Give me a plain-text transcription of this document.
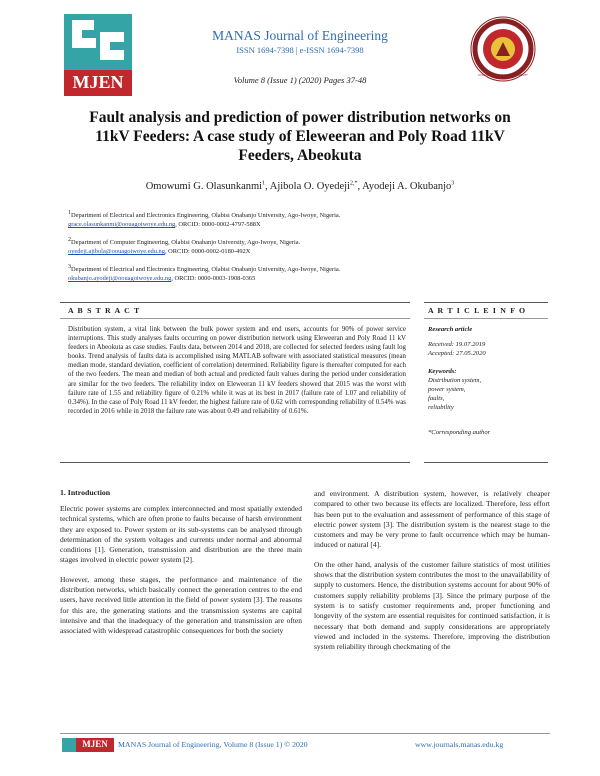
MJEN
MANAS Journal of Engineering
ISSN 1694-7398 | e-ISSN 1694-7398
KYRGYZ–TURKISH MANAS UNIVERSITY
Volume 8 (Issue 1) (2020) Pages 37-48
Fault analysis and prediction of power distribution networks on
11kV Feeders: A case study of Eleweeran and Poly Road 11kV
Feeders, Abeokuta
Omowumi G. Olasunkanmi$^1$, Ajibola O. Oyedeji$^{2,*}$, Ayodeji A. Okubanjo$^3$
$^1$Department of Electrical and Electronics Engineering, Olabisi Onabanjo University, Ago-Iwoye, Nigeria.
grace.olasunkanmi@oouagoiwoye.edu.ng, ORCID: 0000-0002-4797-588X
$^2$Department of Computer Engineering, Olabisi Onabanjo University, Ago-Iwoye, Nigeria.
oyedeji.ajibola@oouagoiwoye.edu.ng, ORCID: 0000-0002-0180-492X
$^3$Department of Electrical and Electronics Engineering, Olabisi Onabanjo University, Ago-Iwoye, Nigeria.
okubanjo.ayodeji@oouagoiwoye.edu.ng, ORCID: 0000-0003-1908-0365
A B S T R A C T
Distribution system, a vital link between the bulk power system and end users, accounts for 90% of power service interruptions. This study analyses faults occurring on power distribution network using Eleweeran and Poly Road 11 kV feeders in Abeokuta as case studies. Faults data, between 2014 and 2018, are collected for selected feeders using fault log books. Trend analysis of faults data is accomplished using MATLAB software with associated statistical measures (mean median mode, standard deviation, coefficient of correlation) determined. Reliability figure is thereafter computed for each of the two feeders. The mean and median of both actual and predicted fault values during the period under consideration are similar for the two feeders. The reliability index on Eleweeran 11 kV feeders showed that 2015 was the worst with failure rate of 1.55 and reliability figure of 0.21% while it was at its best in 2017 (failure rate of 1.07 and reliability of 0.34%). In the case of Poly Road 11 kV feeder, the highest failure rate of 0.62 with corresponding reliability of 0.54% was recorded in 2016 while in 2018 the failure rate was about 0.49 and reliability of 0.61%.
A R T I C L E I N F O
Research article
Received: 19.07.2019
Accepted: 27.05.2020
Keywords:
Distribution system,
power system,
faults,
reliability
*Corresponding author
1. Introduction

Electric power systems are complex interconnected and most spatially extended technical systems, which are often prone to faults because of harsh environment they are exposed to. Power system or its sub-systems can be analysed through determination of the system voltages and currents under normal and abnormal conditions [1]. Generation, transmission and distribution are the three main stages involved in electric power system [2].

However, among these stages, the performance and maintenance of the distribution networks, which basically connect the generation centres to the end users, have received little attention in the field of power system [3]. The reasons for this are, the generating stations and the transmission systems are capital intensive and that the inadequacy of the generation and transmission are often associated with widespread catastrophic consequences for both the society

and environment. A distribution system, however, is relatively cheaper compared to other two because its effects are localized. Therefore, less effort has been put to the evaluation and assessment of performance of this stage of electric power system [3]. The distribution system is the nearest stage to the customers and may be very prone to fault occurrence which may be human-induced or natural [4].

On the other hand, analysis of the customer failure statistics of most utilities shows that the distribution system contributes the most to the unavailability of supply to customers. Hence, the distribution systems account for about 90% of customers supply reliability problems [3]. Since the primary purpose of the system is to satisfy customer requirements and, proper functioning and longevity of the system are essential requisites for continued satisfaction, it is necessary that both demand and supply considerations are appropriately viewed and included in the systems. Therefore, improving the distribution system reliability through checkmating of the

MJEN	MANAS Journal of Engineering, Volume 8 (Issue 1) © 2020	www.journals.manas.edu.kg
